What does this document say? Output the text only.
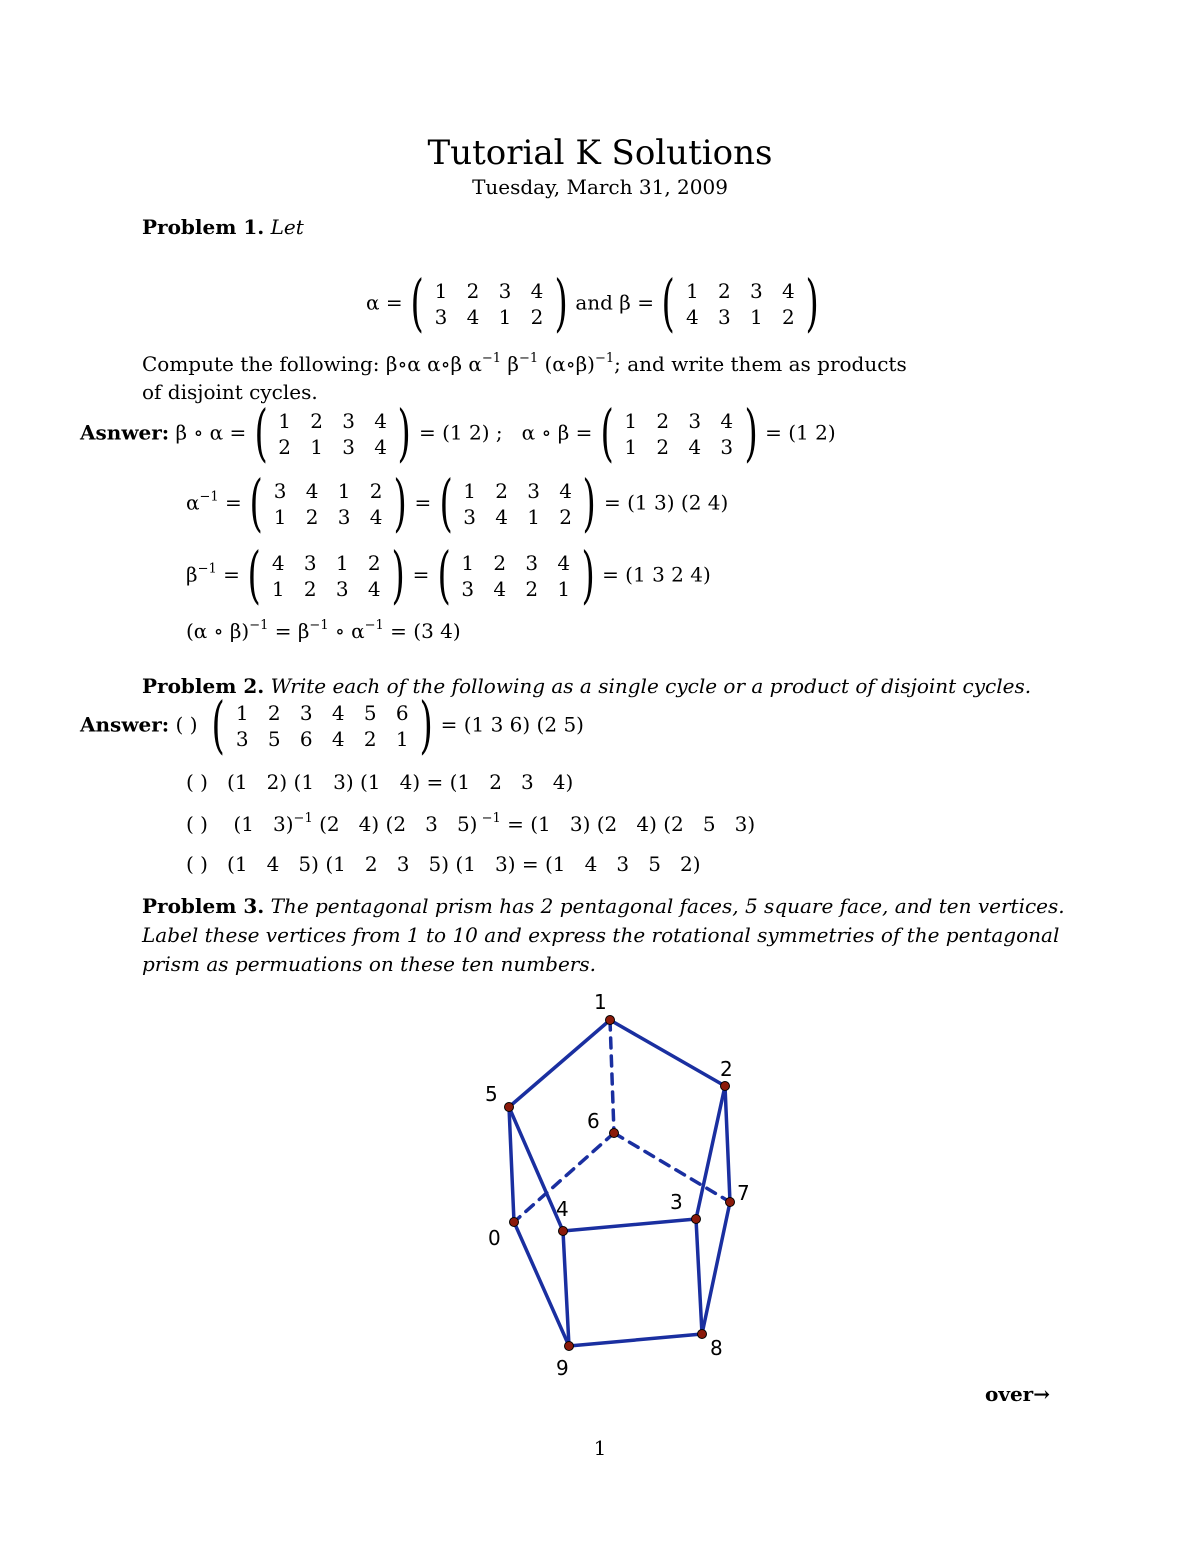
Tutorial K Solutions
Tuesday, March 31, 2009
Problem 1. Let
α = ( )
1 2 3 4
3 4 1 2
and β = ( )
1 2 3 4
4 3 1 2
Compute the following: β∘α α∘β $\alpha^{-1}$ $\beta^{-1}$ (α∘β)$^{-1}$; and write them as products
of disjoint cycles.
Asnwer: β ∘ α = ( )
1 2 3 4
2 1 3 4
= (1 2) ; α ∘ β = ( )
1 2 3 4
1 2 4 3
= (1 2)
$\alpha^{-1}$ = ( )
3 4 1 2
1 2 3 4
= ( )
1 2 3 4
3 4 1 2
= (1 3) (2 4)
$\beta^{-1}$ = ( )
4 3 1 2
1 2 3 4
= ( )
1 2 3 4
3 4 2 1
= (1 3 2 4)
(α ∘ $\beta)^{-1} = \beta^{-1}$ ∘ $\alpha^{-1} = (3$ 4)
Problem 2. Write each of the following as a single cycle or a product of disjoint cycles.
Answer: ( ) (	)
1 2 3 4 5 6
3 5 6 4 2 1
= (1 3 6) (2 5)
( )   (1   2) (1   3) (1   4) = (1   2   3   4)
( ) (1   3)$^{-1}$ (2   4) (2   3   5) $^{-1}$ = (1   3) (2   4) (2   5   3)
( )   (1   4   5) (1   2   3   5) (1   3) = (1   4   3   5   2)
Problem 3. The pentagonal prism has 2 pentagonal faces, 5 square face, and ten vertices.
Label these vertices from 1 to 10 and express the rotational symmetries of the pentagonal
prism as permuations on these ten numbers.
1
2
5
6
3	7
4
0
8
9
over→
1
